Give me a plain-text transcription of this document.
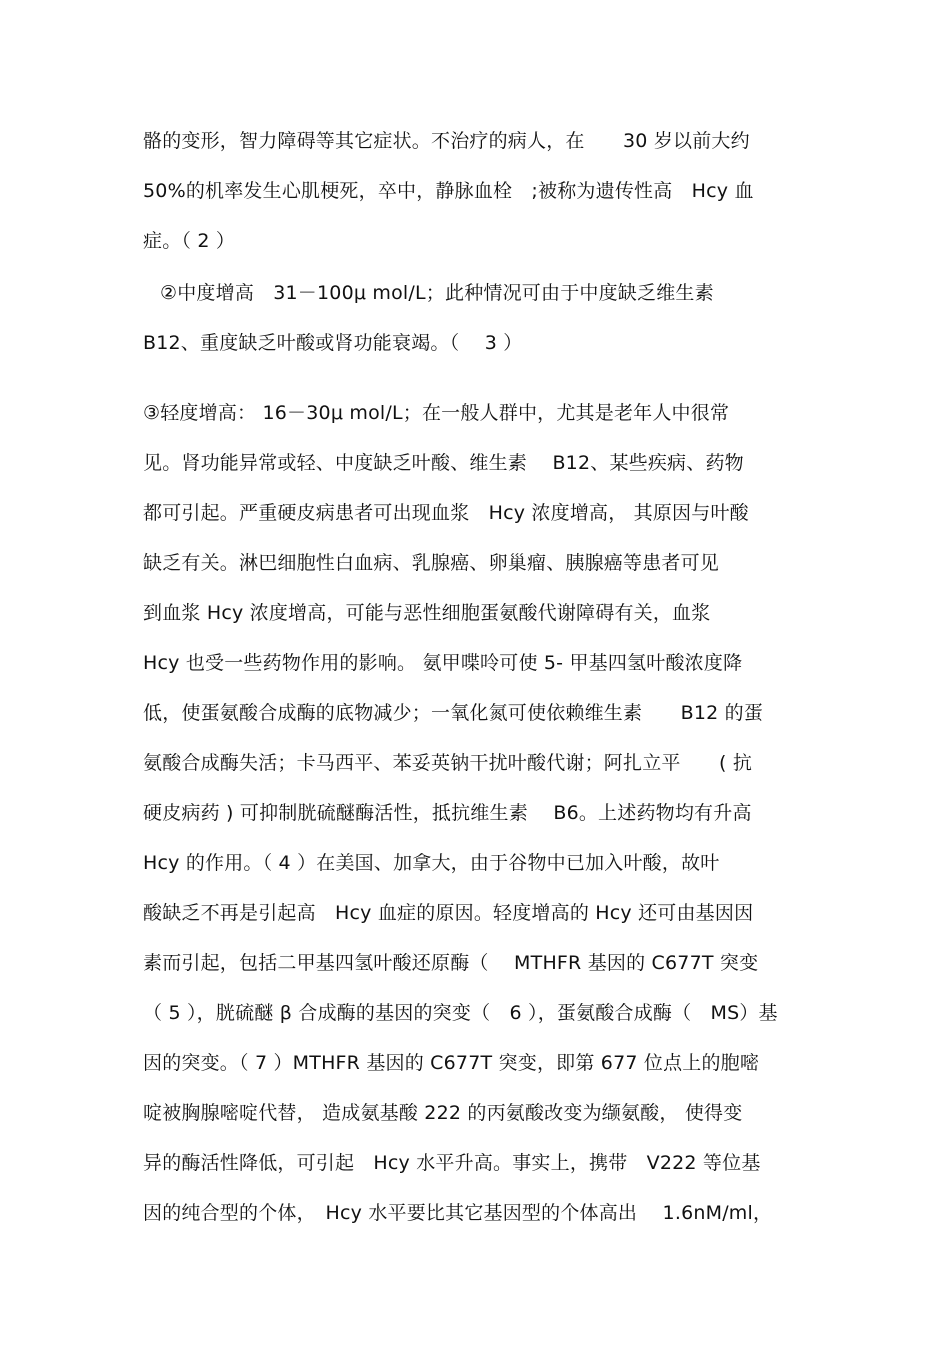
骼的变形，智力障碍等其它症状。不治疗的病人，在　　30 岁以前大约
50%的机率发生心肌梗死，卒中，静脉血栓　;被称为遗传性高　Hcy 血
症。（ 2 ）
②中度增高　31－100μ mol/L；此种情况可由于中度缺乏维生素
B12、重度缺乏叶酸或肾功能衰竭。（　 3 ）
③轻度增高： 16－30μ mol/L；在一般人群中，尤其是老年人中很常
见。肾功能异常或轻、中度缺乏叶酸、维生素　 B12、某些疾病、药物
都可引起。严重硬皮病患者可出现血浆　Hcy 浓度增高， 其原因与叶酸
缺乏有关。淋巴细胞性白血病、乳腺癌、卵巢瘤、胰腺癌等患者可见
到血浆 Hcy 浓度增高，可能与恶性细胞蛋氨酸代谢障碍有关，血浆
Hcy 也受一些药物作用的影响。 氨甲喋呤可使 5- 甲基四氢叶酸浓度降
低，使蛋氨酸合成酶的底物减少；一氧化氮可使依赖维生素　　B12 的蛋
氨酸合成酶失活；卡马西平、苯妥英钠干扰叶酸代谢；阿扎立平　　( 抗
硬皮病药 ) 可抑制胱硫醚酶活性，抵抗维生素　 B6。上述药物均有升高
Hcy 的作用。（ 4 ）在美国、加拿大，由于谷物中已加入叶酸，故叶
酸缺乏不再是引起高　Hcy 血症的原因。轻度增高的 Hcy 还可由基因因
素而引起，包括二甲基四氢叶酸还原酶（　 MTHFR 基因的 C677T 突变
（ 5 ），胱硫醚 β 合成酶的基因的突变（　6 ），蛋氨酸合成酶（　MS）基
因的突变。（ 7 ）MTHFR 基因的 C677T 突变，即第 677 位点上的胞嘧
啶被胸腺嘧啶代替， 造成氨基酸 222 的丙氨酸改变为缬氨酸， 使得变
异的酶活性降低，可引起　Hcy 水平升高。事实上，携带　V222 等位基
因的纯合型的个体，　Hcy 水平要比其它基因型的个体高出　 1.6nM/ml，
